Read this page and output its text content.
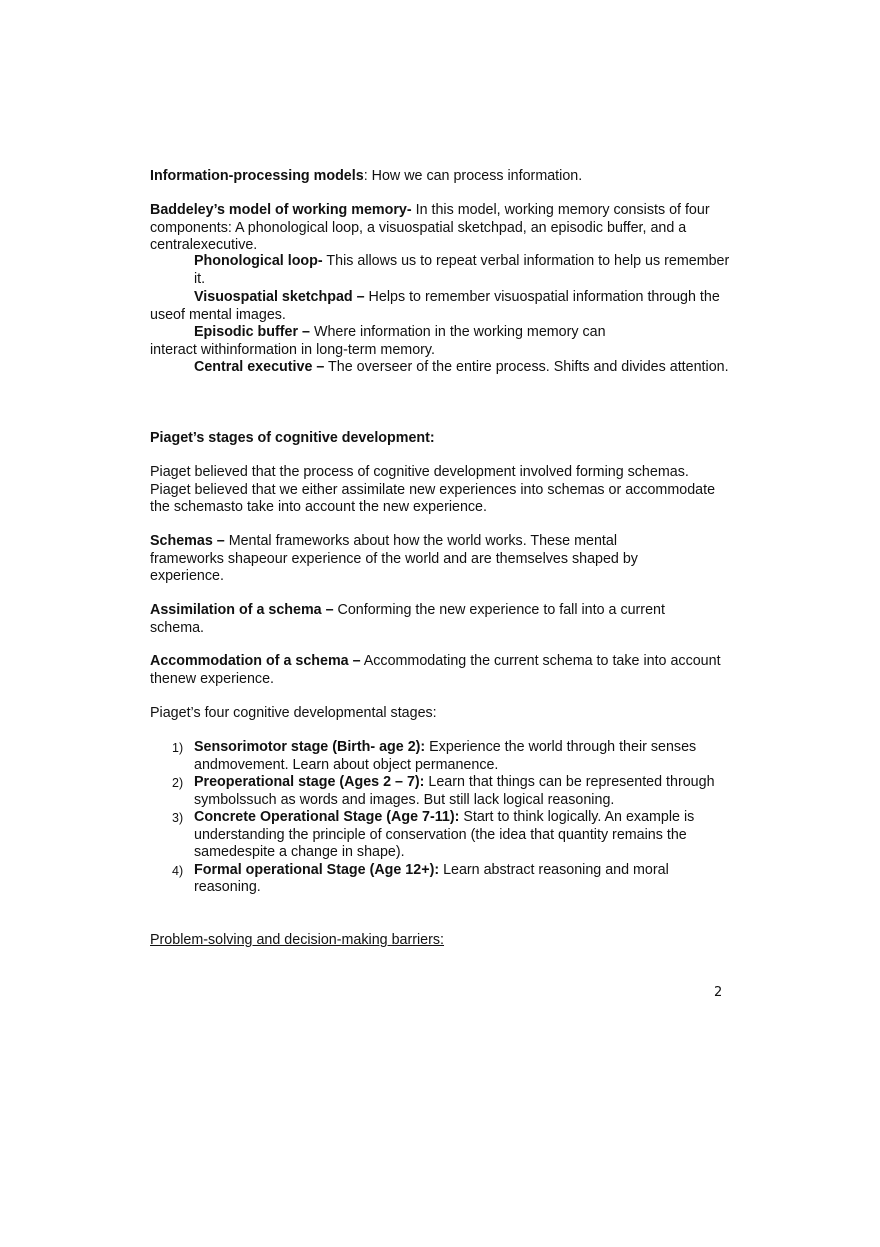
Information-processing models: How we can process information.
Baddeley’s model of working memory- In this model, working memory consists of four components: A phonological loop, a visuospatial sketchpad, an episodic buffer, and a centralexecutive.
Phonological loop- This allows us to repeat verbal information to help us remember it.
Visuospatial sketchpad – Helps to remember visuospatial information through the useof mental images.
Episodic buffer – Where information in the working memory can interact withinformation in long-term memory.
Central executive – The overseer of the entire process. Shifts and divides attention.
Piaget’s stages of cognitive development:
Piaget believed that the process of cognitive development involved forming schemas. Piaget believed that we either assimilate new experiences into schemas or accommodate the schemasto take into account the new experience.
Schemas – Mental frameworks about how the world works. These mental frameworks shapeour experience of the world and are themselves shaped by experience.
Assimilation of a schema – Conforming the new experience to fall into a current schema.
Accommodation of a schema – Accommodating the current schema to take into account thenew experience.
Piaget’s four cognitive developmental stages:
1) Sensorimotor stage (Birth- age 2): Experience the world through their senses andmovement. Learn about object permanence.
2) Preoperational stage (Ages 2 – 7): Learn that things can be represented through symbolssuch as words and images. But still lack logical reasoning.
3) Concrete Operational Stage (Age 7-11): Start to think logically. An example is understanding the principle of conservation (the idea that quantity remains the samedespite a change in shape).
4) Formal operational Stage (Age 12+): Learn abstract reasoning and moral reasoning.
Problem-solving and decision-making barriers:
2
